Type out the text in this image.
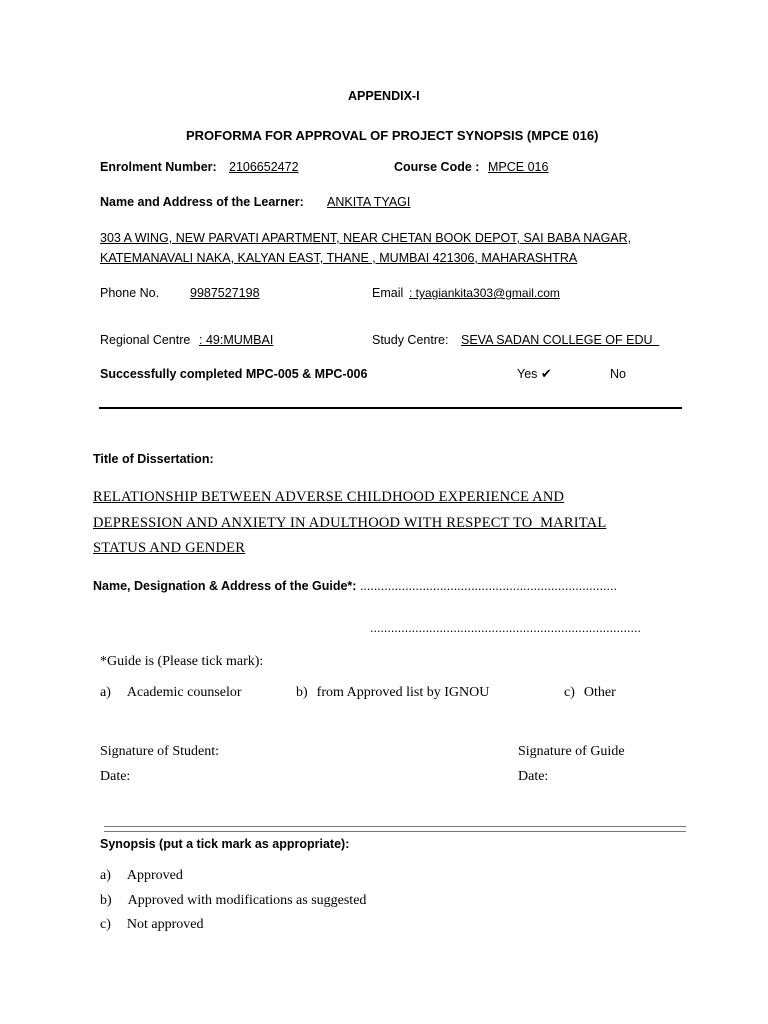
APPENDIX-I
PROFORMA FOR APPROVAL OF PROJECT SYNOPSIS (MPCE 016)
Enrolment Number: 2106652472	Course Code : MPCE 016
Name and Address of the Learner: ANKITA TYAGI
303 A WING, NEW PARVATI APARTMENT, NEAR CHETAN BOOK DEPOT, SAI BABA NAGAR,
KATEMANAVALI NAKA, KALYAN EAST, THANE , MUMBAI 421306, MAHARASHTRA
Phone No. 9987527198	Email : tyagiankita303@gmail.com
Regional Centre : 49:MUMBAI	Study Centre: SEVA SADAN COLLEGE OF EDU
Successfully completed MPC-005 & MPC-006	Yes ✔	No
Title of Dissertation:
RELATIONSHIP BETWEEN ADVERSE CHILDHOOD EXPERIENCE AND
DEPRESSION AND ANXIETY IN ADULTHOOD WITH RESPECT TO  MARITAL
STATUS AND GENDER
Name, Designation & Address of the Guide*: ..........................................................................
..............................................................................
*Guide is (Please tick mark):
a) Academic counselor	b) from Approved list by IGNOU	c) Other
Signature of Student:
Date:
Signature of Guide
Date:
Synopsis (put a tick mark as appropriate):
a) Approved
b) Approved with modifications as suggested
c) Not approved
